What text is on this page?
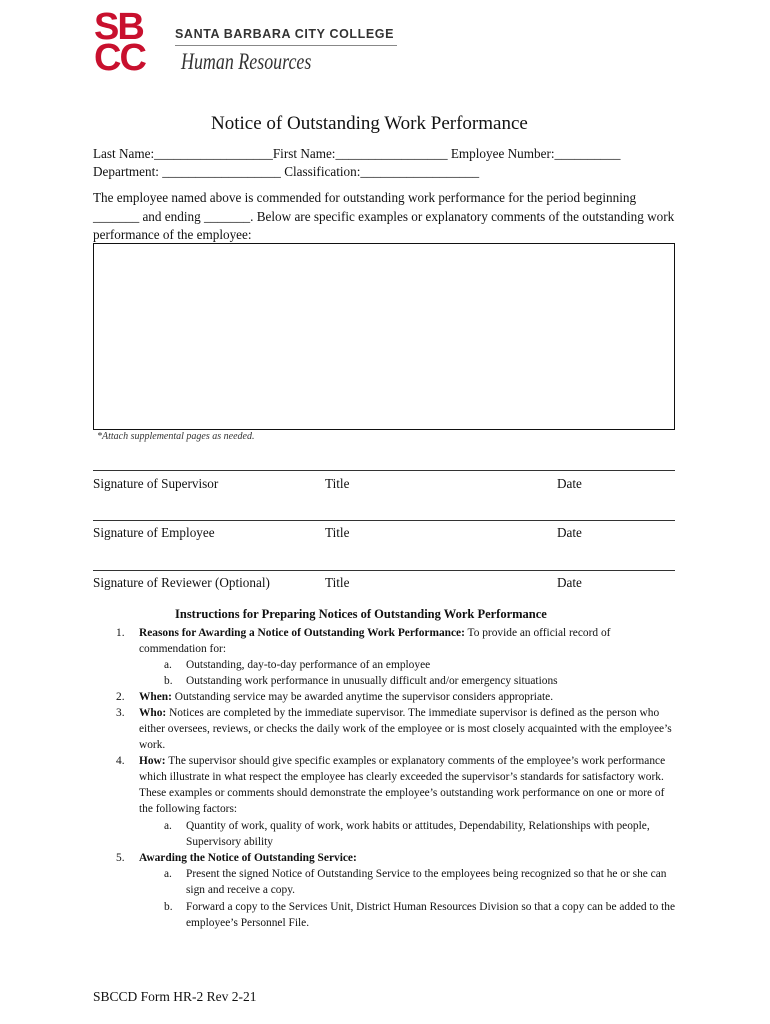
SB
CC
SANTA BARBARA CITY COLLEGE
Human Resources
Notice of Outstanding Work Performance
Last Name:__________________First Name:_________________ Employee Number:__________
Department: __________________ Classification:__________________
The employee named above is commended for outstanding work performance for the period beginning _______ and ending _______. Below are specific examples or explanatory comments of the outstanding work performance of the employee:
*Attach supplemental pages as needed.
Signature of Supervisor	Title	Date
Signature of Employee	Title	Date
Signature of Reviewer (Optional)	Title	Date
Instructions for Preparing Notices of Outstanding Work Performance
1. Reasons for Awarding a Notice of Outstanding Work Performance: To provide an official record of commendation for:
a. Outstanding, day-to-day performance of an employee
b. Outstanding work performance in unusually difficult and/or emergency situations
2. When: Outstanding service may be awarded anytime the supervisor considers appropriate.
3. Who: Notices are completed by the immediate supervisor. The immediate supervisor is defined as the person who either oversees, reviews, or checks the daily work of the employee or is most closely acquainted with the employee’s work.
4. How: The supervisor should give specific examples or explanatory comments of the employee’s work performance which illustrate in what respect the employee has clearly exceeded the supervisor’s standards for satisfactory work. These examples or comments should demonstrate the employee’s outstanding work performance on one or more of the following factors:
a. Quantity of work, quality of work, work habits or attitudes, Dependability, Relationships with people, Supervisory ability
5. Awarding the Notice of Outstanding Service:
a. Present the signed Notice of Outstanding Service to the employees being recognized so that he or she can sign and receive a copy.
b. Forward a copy to the Services Unit, District Human Resources Division so that a copy can be added to the employee’s Personnel File.
SBCCD Form HR-2 Rev 2-21
